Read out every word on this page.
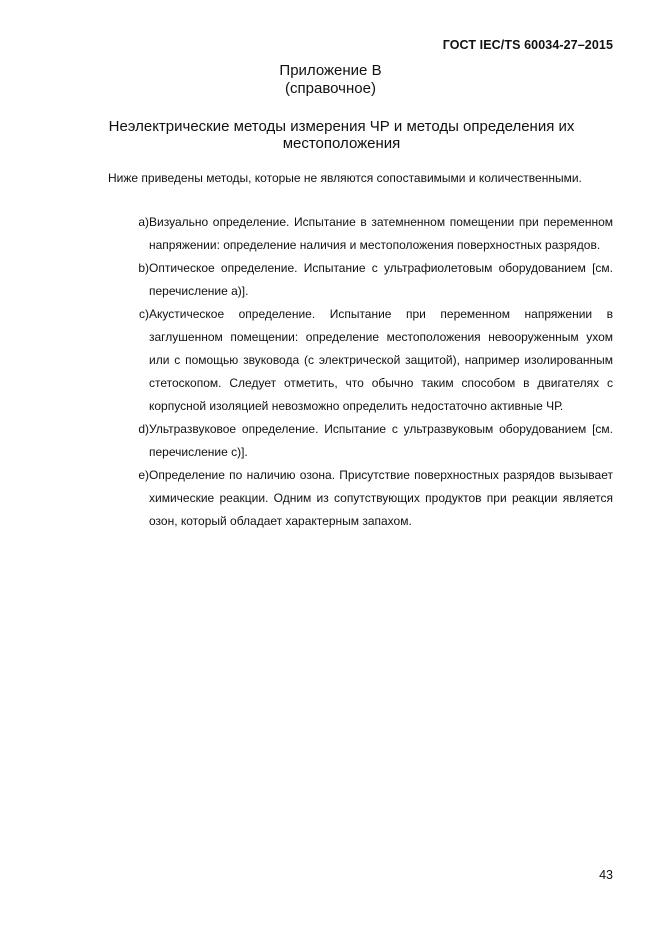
ГОСТ IEC/TS 60034-27–2015
Приложение В
(справочное)
Неэлектрические методы измерения ЧР и методы определения их
местоположения

Ниже приведены методы, которые не являются сопоставимыми и количественными.

а) Визуально определение. Испытание в затемненном помещении при переменном напряжении: определение наличия и местоположения поверхностных разрядов.
b) Оптическое определение. Испытание с ультрафиолетовым оборудованием [см. перечисление а)].
c) Акустическое определение. Испытание при переменном напряжении в заглушенном помещении: определение местоположения невооруженным ухом или с помощью звуковода (с электрической защитой), например изолированным стетоскопом. Следует отметить, что обычно таким способом в двигателях с корпусной изоляцией невозможно определить недостаточно активные ЧР.
d) Ультразвуковое определение. Испытание с ультразвуковым оборудованием [см. перечисление с)].
e) Определение по наличию озона. Присутствие поверхностных разрядов вызывает химические реакции. Одним из сопутствующих продуктов при реакции является озон, который обладает характерным запахом.
43
